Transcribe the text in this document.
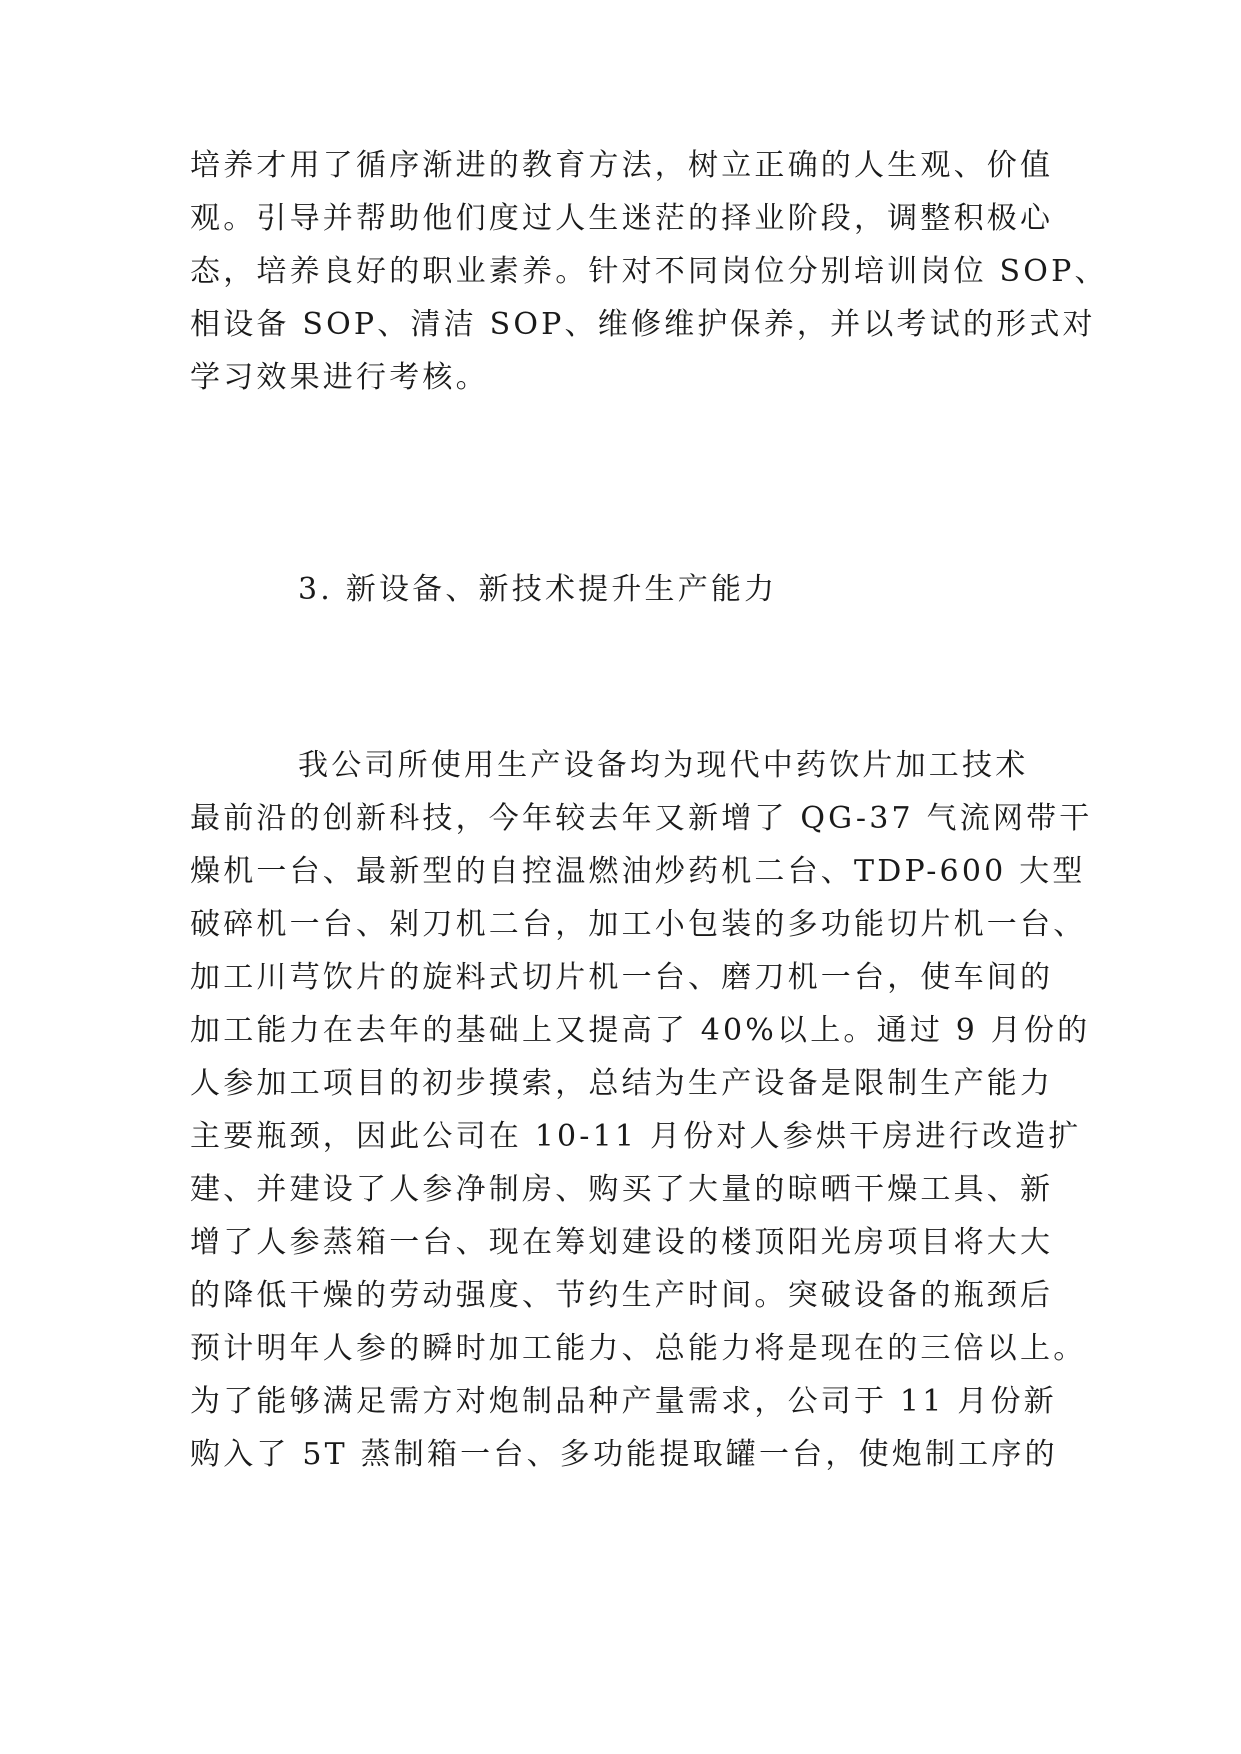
培养才用了循序渐进的教育方法，树立正确的人生观、价值
观。引导并帮助他们度过人生迷茫的择业阶段，调整积极心
态，培养良好的职业素养。针对不同岗位分别培训岗位 SOP、
相设备 SOP、清洁 SOP、维修维护保养，并以考试的形式对
学习效果进行考核。
3. 新设备、新技术提升生产能力
我公司所使用生产设备均为现代中药饮片加工技术
最前沿的创新科技，今年较去年又新增了 QG-37 气流网带干
燥机一台、最新型的自控温燃油炒药机二台、TDP-600 大型
破碎机一台、剁刀机二台，加工小包装的多功能切片机一台、
加工川芎饮片的旋料式切片机一台、磨刀机一台，使车间的
加工能力在去年的基础上又提高了 40%以上。通过 9 月份的
人参加工项目的初步摸索，总结为生产设备是限制生产能力
主要瓶颈，因此公司在 10-11 月份对人参烘干房进行改造扩
建、并建设了人参净制房、购买了大量的晾晒干燥工具、新
增了人参蒸箱一台、现在筹划建设的楼顶阳光房项目将大大
的降低干燥的劳动强度、节约生产时间。突破设备的瓶颈后
预计明年人参的瞬时加工能力、总能力将是现在的三倍以上。
为了能够满足需方对炮制品种产量需求，公司于 11 月份新
购入了 5T 蒸制箱一台、多功能提取罐一台，使炮制工序的
